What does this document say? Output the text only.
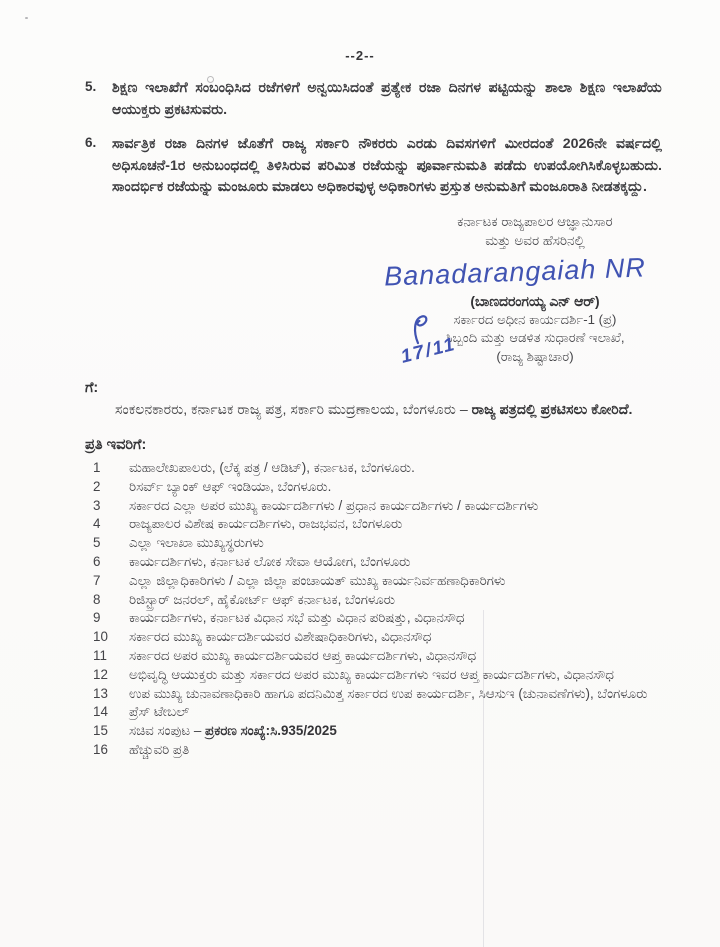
--2--
5.	ಶಿಕ್ಷಣ ಇಲಾಖೆಗೆ ಸಂಬಂಧಿಸಿದ ರಜೆಗಳಿಗೆ ಅನ್ವಯಿಸಿದಂತೆ ಪ್ರತ್ಯೇಕ ರಜಾ ದಿನಗಳ ಪಟ್ಟಿಯನ್ನು ಶಾಲಾ ಶಿಕ್ಷಣ ಇಲಾಖೆಯ ಆಯುಕ್ತರು ಪ್ರಕಟಿಸುವರು.
6.	ಸಾರ್ವತ್ರಿಕ ರಜಾ ದಿನಗಳ ಜೊತೆಗೆ ರಾಜ್ಯ ಸರ್ಕಾರಿ ನೌಕರರು ಎರಡು ದಿವಸಗಳಿಗೆ ಮೀರದಂತೆ 2026ನೇ ವರ್ಷದಲ್ಲಿ ಅಧಿಸೂಚನೆ-1ರ ಅನುಬಂಧದಲ್ಲಿ ತಿಳಿಸಿರುವ ಪರಿಮಿತ ರಜೆಯನ್ನು ಪೂರ್ವಾನುಮತಿ ಪಡೆದು ಉಪಯೋಗಿಸಿಕೊಳ್ಳಬಹುದು. ಸಾಂದರ್ಭಿಕ ರಜೆಯನ್ನು ಮಂಜೂರು ಮಾಡಲು ಅಧಿಕಾರವುಳ್ಳ ಅಧಿಕಾರಿಗಳು ಪ್ರಸ್ತುತ ಅನುಮತಿಗೆ ಮಂಜೂರಾತಿ ನೀಡತಕ್ಕದ್ದು.
ಕರ್ನಾಟಕ ರಾಜ್ಯಪಾಲರ ಆಜ್ಞಾನುಸಾರ
ಮತ್ತು ಅವರ ಹೆಸರಿನಲ್ಲಿ
Banadarangaiah NR
(ಬಾಣದರಂಗಯ್ಯ ಎನ್ ಆರ್)
ಸರ್ಕಾರದ ಅಧೀನ ಕಾರ್ಯದರ್ಶಿ-1 (ಪ್ರ)
ಸಿಬ್ಬಂದಿ ಮತ್ತು ಆಡಳಿತ ಸುಧಾರಣೆ ಇಲಾಖೆ,
(ರಾಜ್ಯ ಶಿಷ್ಟಾಚಾರ)
17/11
ಗೆ:

ಸಂಕಲನಕಾರರು, ಕರ್ನಾಟಕ ರಾಜ್ಯ ಪತ್ರ, ಸರ್ಕಾರಿ ಮುದ್ರಣಾಲಯ, ಬೆಂಗಳೂರು – ರಾಜ್ಯ ಪತ್ರದಲ್ಲಿ ಪ್ರಕಟಿಸಲು ಕೋರಿದೆ.

ಪ್ರತಿ ಇವರಿಗೆ:
1	ಮಹಾಲೇಖಪಾಲರು, (ಲೆಕ್ಕ ಪತ್ರ / ಆಡಿಟ್), ಕರ್ನಾಟಕ, ಬೆಂಗಳೂರು.
2	ರಿಸರ್ವ್ ಬ್ಯಾಂಕ್ ಆಫ್ ಇಂಡಿಯಾ, ಬೆಂಗಳೂರು.
3	ಸರ್ಕಾರದ ಎಲ್ಲಾ ಅಪರ ಮುಖ್ಯ ಕಾರ್ಯದರ್ಶಿಗಳು / ಪ್ರಧಾನ ಕಾರ್ಯದರ್ಶಿಗಳು / ಕಾರ್ಯದರ್ಶಿಗಳು
4	ರಾಜ್ಯಪಾಲರ ವಿಶೇಷ ಕಾರ್ಯದರ್ಶಿಗಳು, ರಾಜಭವನ, ಬೆಂಗಳೂರು
5	ಎಲ್ಲಾ ಇಲಾಖಾ ಮುಖ್ಯಸ್ಥರುಗಳು
6	ಕಾರ್ಯದರ್ಶಿಗಳು, ಕರ್ನಾಟಕ ಲೋಕ ಸೇವಾ ಆಯೋಗ, ಬೆಂಗಳೂರು
7	ಎಲ್ಲಾ ಜಿಲ್ಲಾಧಿಕಾರಿಗಳು / ಎಲ್ಲಾ ಜಿಲ್ಲಾ ಪಂಚಾಯತ್ ಮುಖ್ಯ ಕಾರ್ಯನಿರ್ವಹಣಾಧಿಕಾರಿಗಳು
8	ರಿಜಿಸ್ಟ್ರಾರ್ ಜನರಲ್, ಹೈಕೋರ್ಟ್ ಆಫ್ ಕರ್ನಾಟಕ, ಬೆಂಗಳೂರು
9	ಕಾರ್ಯದರ್ಶಿಗಳು, ಕರ್ನಾಟಕ ವಿಧಾನ ಸಭೆ ಮತ್ತು ವಿಧಾನ ಪರಿಷತ್ತು, ವಿಧಾನಸೌಧ
10	ಸರ್ಕಾರದ ಮುಖ್ಯ ಕಾರ್ಯದರ್ಶಿಯವರ ವಿಶೇಷಾಧಿಕಾರಿಗಳು, ವಿಧಾನಸೌಧ
11	ಸರ್ಕಾರದ ಅಪರ ಮುಖ್ಯ ಕಾರ್ಯದರ್ಶಿಯವರ ಆಪ್ತ ಕಾರ್ಯದರ್ಶಿಗಳು, ವಿಧಾನಸೌಧ
12	ಅಭಿವೃದ್ಧಿ ಆಯುಕ್ತರು ಮತ್ತು ಸರ್ಕಾರದ ಅಪರ ಮುಖ್ಯ ಕಾರ್ಯದರ್ಶಿಗಳು ಇವರ ಆಪ್ತ ಕಾರ್ಯದರ್ಶಿಗಳು, ವಿಧಾನಸೌಧ
13	ಉಪ ಮುಖ್ಯ ಚುನಾವಣಾಧಿಕಾರಿ ಹಾಗೂ ಪದನಿಮಿತ್ತ ಸರ್ಕಾರದ ಉಪ ಕಾರ್ಯದರ್ಶಿ, ಸಿಆಸುಇ (ಚುನಾವಣೆಗಳು), ಬೆಂಗಳೂರು
14	ಪ್ರೆಸ್ ಟೇಬಲ್
15	ಸಚಿವ ಸಂಪುಟ – ಪ್ರಕರಣ ಸಂಖ್ಯೆ:ಸಿ.935/2025
16	ಹೆಚ್ಚುವರಿ ಪ್ರತಿ
